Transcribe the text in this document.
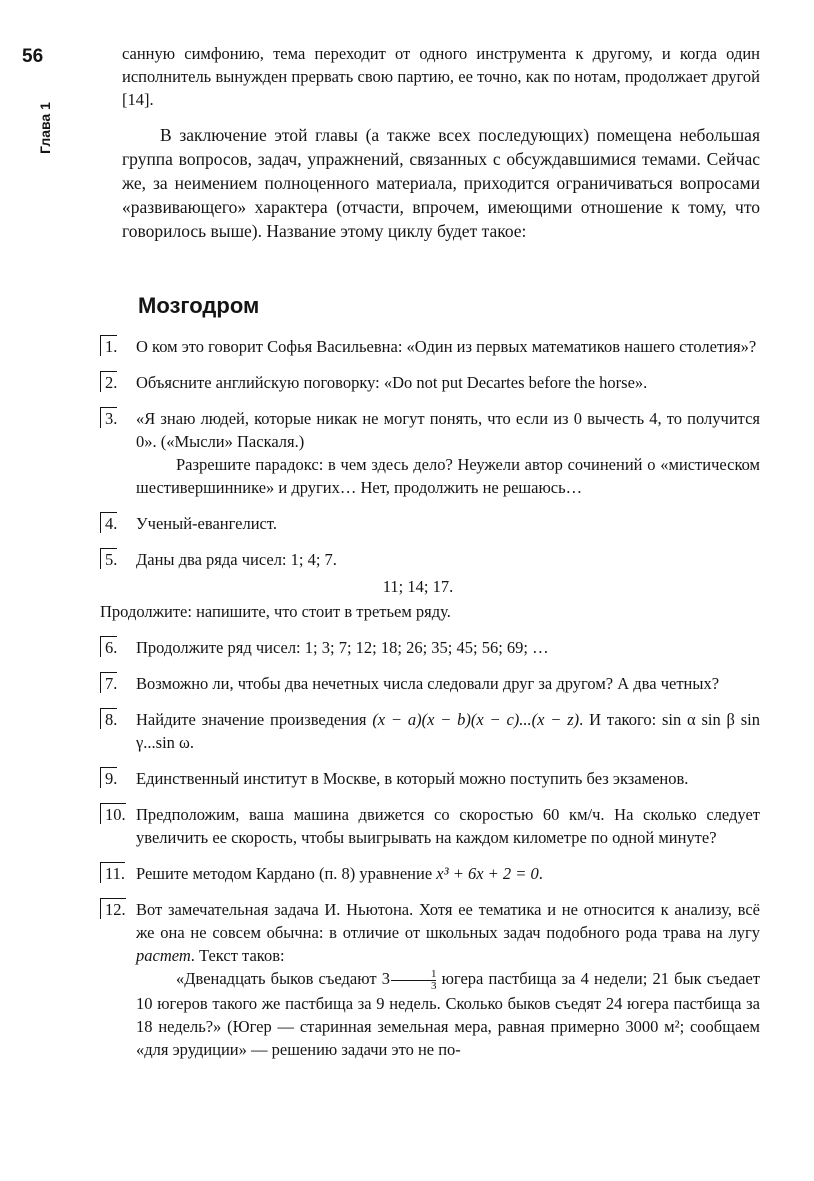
56
Глава 1

санную симфонию, тема переходит от одного инструмента к другому, и когда один исполнитель вынужден прервать свою партию, ее точно, как по нотам, продолжает другой [14].

В заключение этой главы (а также всех последующих) помещена небольшая группа вопросов, задач, упражнений, связанных с обсуждавшимися темами. Сейчас же, за неимением полноценного материала, приходится ограничиваться вопросами «развивающего» характера (отчасти, впрочем, имеющими отношение к тому, что говорилось выше). Название этому циклу будет такое:

Мозгодром
1. О ком это говорит Софья Васильевна: «Один из первых математиков нашего столетия»?
2. Объясните английскую поговорку: «Do not put Decartes before the horse».
3. «Я знаю людей, которые никак не могут понять, что если из 0 вычесть 4, то получится 0». («Мысли» Паскаля.)
Разрешите парадокс: в чем здесь дело? Неужели автор сочинений о «мистическом шестивершиннике» и других… Нет, продолжить не решаюсь…
4. Ученый-евангелист.
5. Даны два ряда чисел: 1; 4; 7.
11; 14; 17.
Продолжите: напишите, что стоит в третьем ряду.
6. Продолжите ряд чисел: 1; 3; 7; 12; 18; 26; 35; 45; 56; 69; …
7. Возможно ли, чтобы два нечетных числа следовали друг за другом? А два четных?
8. Найдите значение произведения (x − a)(x − b)(x − c)...(x − z). И такого: sin α sin β sin γ...sin ω.
9. Единственный институт в Москве, в который можно поступить без экзаменов.
10. Предположим, ваша машина движется со скоростью 60 км/ч. На сколько следует увеличить ее скорость, чтобы выигрывать на каждом километре по одной минуте?
11. Решите методом Кардано (п. 8) уравнение x³ + 6x + 2 = 0.
12. Вот замечательная задача И. Ньютона. Хотя ее тематика и не относится к анализу, всё же она не совсем обычна: в отличие от школьных задач подобного рода трава на лугу растет. Текст таков:
«Двенадцать быков съедают $3 \frac{1}{3}$ югера пастбища за 4 недели; 21 бык съедает 10 югеров такого же пастбища за 9 недель. Сколько быков съедят 24 югера пастбища за 18 недель?» (Югер — старинная земельная мера, равная примерно 3000 м²; сообщаем «для эрудиции» — решению задачи это не по-
